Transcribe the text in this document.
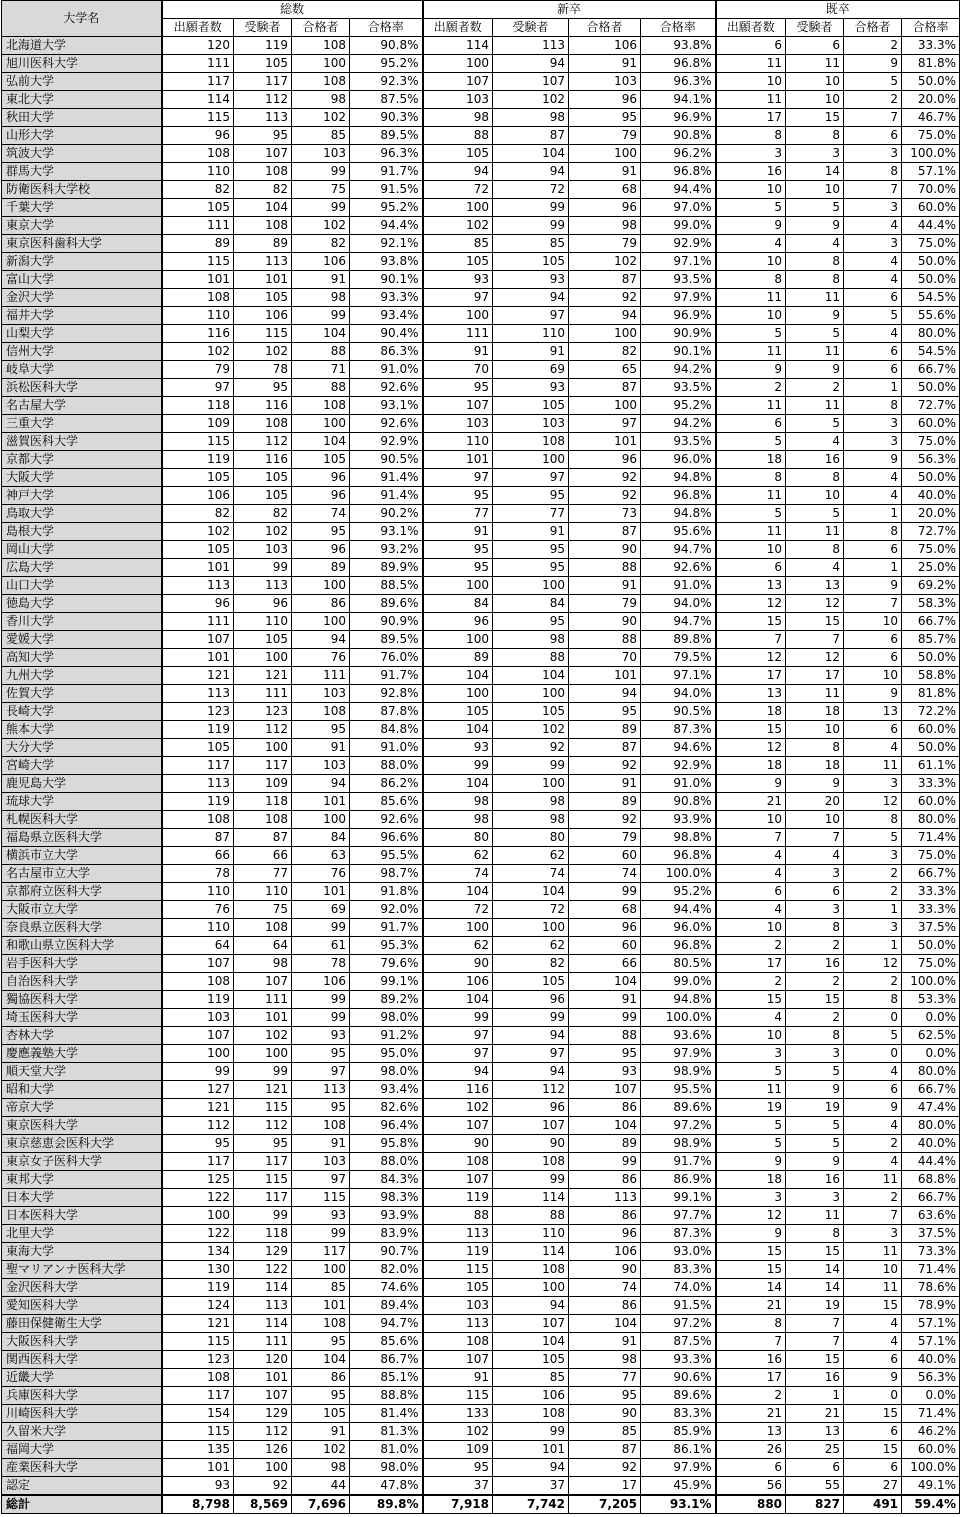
大学名	総数				新卒				既卒			
	出願者数	受験者	合格者	合格率	出願者数	受験者	合格者	合格率	出願者数	受験者	合格者	合格率
北海道大学	120	119	108	90.8%	114	113	106	93.8%	6	6	2	33.3%
旭川医科大学	111	105	100	95.2%	100	94	91	96.8%	11	11	9	81.8%
弘前大学	117	117	108	92.3%	107	107	103	96.3%	10	10	5	50.0%
東北大学	114	112	98	87.5%	103	102	96	94.1%	11	10	2	20.0%
秋田大学	115	113	102	90.3%	98	98	95	96.9%	17	15	7	46.7%
山形大学	96	95	85	89.5%	88	87	79	90.8%	8	8	6	75.0%
筑波大学	108	107	103	96.3%	105	104	100	96.2%	3	3	3	100.0%
群馬大学	110	108	99	91.7%	94	94	91	96.8%	16	14	8	57.1%
防衛医科大学校	82	82	75	91.5%	72	72	68	94.4%	10	10	7	70.0%
千葉大学	105	104	99	95.2%	100	99	96	97.0%	5	5	3	60.0%
東京大学	111	108	102	94.4%	102	99	98	99.0%	9	9	4	44.4%
東京医科歯科大学	89	89	82	92.1%	85	85	79	92.9%	4	4	3	75.0%
新潟大学	115	113	106	93.8%	105	105	102	97.1%	10	8	4	50.0%
富山大学	101	101	91	90.1%	93	93	87	93.5%	8	8	4	50.0%
金沢大学	108	105	98	93.3%	97	94	92	97.9%	11	11	6	54.5%
福井大学	110	106	99	93.4%	100	97	94	96.9%	10	9	5	55.6%
山梨大学	116	115	104	90.4%	111	110	100	90.9%	5	5	4	80.0%
信州大学	102	102	88	86.3%	91	91	82	90.1%	11	11	6	54.5%
岐阜大学	79	78	71	91.0%	70	69	65	94.2%	9	9	6	66.7%
浜松医科大学	97	95	88	92.6%	95	93	87	93.5%	2	2	1	50.0%
名古屋大学	118	116	108	93.1%	107	105	100	95.2%	11	11	8	72.7%
三重大学	109	108	100	92.6%	103	103	97	94.2%	6	5	3	60.0%
滋賀医科大学	115	112	104	92.9%	110	108	101	93.5%	5	4	3	75.0%
京都大学	119	116	105	90.5%	101	100	96	96.0%	18	16	9	56.3%
大阪大学	105	105	96	91.4%	97	97	92	94.8%	8	8	4	50.0%
神戸大学	106	105	96	91.4%	95	95	92	96.8%	11	10	4	40.0%
鳥取大学	82	82	74	90.2%	77	77	73	94.8%	5	5	1	20.0%
島根大学	102	102	95	93.1%	91	91	87	95.6%	11	11	8	72.7%
岡山大学	105	103	96	93.2%	95	95	90	94.7%	10	8	6	75.0%
広島大学	101	99	89	89.9%	95	95	88	92.6%	6	4	1	25.0%
山口大学	113	113	100	88.5%	100	100	91	91.0%	13	13	9	69.2%
徳島大学	96	96	86	89.6%	84	84	79	94.0%	12	12	7	58.3%
香川大学	111	110	100	90.9%	96	95	90	94.7%	15	15	10	66.7%
愛媛大学	107	105	94	89.5%	100	98	88	89.8%	7	7	6	85.7%
高知大学	101	100	76	76.0%	89	88	70	79.5%	12	12	6	50.0%
九州大学	121	121	111	91.7%	104	104	101	97.1%	17	17	10	58.8%
佐賀大学	113	111	103	92.8%	100	100	94	94.0%	13	11	9	81.8%
長崎大学	123	123	108	87.8%	105	105	95	90.5%	18	18	13	72.2%
熊本大学	119	112	95	84.8%	104	102	89	87.3%	15	10	6	60.0%
大分大学	105	100	91	91.0%	93	92	87	94.6%	12	8	4	50.0%
宮崎大学	117	117	103	88.0%	99	99	92	92.9%	18	18	11	61.1%
鹿児島大学	113	109	94	86.2%	104	100	91	91.0%	9	9	3	33.3%
琉球大学	119	118	101	85.6%	98	98	89	90.8%	21	20	12	60.0%
札幌医科大学	108	108	100	92.6%	98	98	92	93.9%	10	10	8	80.0%
福島県立医科大学	87	87	84	96.6%	80	80	79	98.8%	7	7	5	71.4%
横浜市立大学	66	66	63	95.5%	62	62	60	96.8%	4	4	3	75.0%
名古屋市立大学	78	77	76	98.7%	74	74	74	100.0%	4	3	2	66.7%
京都府立医科大学	110	110	101	91.8%	104	104	99	95.2%	6	6	2	33.3%
大阪市立大学	76	75	69	92.0%	72	72	68	94.4%	4	3	1	33.3%
奈良県立医科大学	110	108	99	91.7%	100	100	96	96.0%	10	8	3	37.5%
和歌山県立医科大学	64	64	61	95.3%	62	62	60	96.8%	2	2	1	50.0%
岩手医科大学	107	98	78	79.6%	90	82	66	80.5%	17	16	12	75.0%
自治医科大学	108	107	106	99.1%	106	105	104	99.0%	2	2	2	100.0%
獨協医科大学	119	111	99	89.2%	104	96	91	94.8%	15	15	8	53.3%
埼玉医科大学	103	101	99	98.0%	99	99	99	100.0%	4	2	0	0.0%
杏林大学	107	102	93	91.2%	97	94	88	93.6%	10	8	5	62.5%
慶應義塾大学	100	100	95	95.0%	97	97	95	97.9%	3	3	0	0.0%
順天堂大学	99	99	97	98.0%	94	94	93	98.9%	5	5	4	80.0%
昭和大学	127	121	113	93.4%	116	112	107	95.5%	11	9	6	66.7%
帝京大学	121	115	95	82.6%	102	96	86	89.6%	19	19	9	47.4%
東京医科大学	112	112	108	96.4%	107	107	104	97.2%	5	5	4	80.0%
東京慈恵会医科大学	95	95	91	95.8%	90	90	89	98.9%	5	5	2	40.0%
東京女子医科大学	117	117	103	88.0%	108	108	99	91.7%	9	9	4	44.4%
東邦大学	125	115	97	84.3%	107	99	86	86.9%	18	16	11	68.8%
日本大学	122	117	115	98.3%	119	114	113	99.1%	3	3	2	66.7%
日本医科大学	100	99	93	93.9%	88	88	86	97.7%	12	11	7	63.6%
北里大学	122	118	99	83.9%	113	110	96	87.3%	9	8	3	37.5%
東海大学	134	129	117	90.7%	119	114	106	93.0%	15	15	11	73.3%
聖マリアンナ医科大学	130	122	100	82.0%	115	108	90	83.3%	15	14	10	71.4%
金沢医科大学	119	114	85	74.6%	105	100	74	74.0%	14	14	11	78.6%
愛知医科大学	124	113	101	89.4%	103	94	86	91.5%	21	19	15	78.9%
藤田保健衛生大学	121	114	108	94.7%	113	107	104	97.2%	8	7	4	57.1%
大阪医科大学	115	111	95	85.6%	108	104	91	87.5%	7	7	4	57.1%
関西医科大学	123	120	104	86.7%	107	105	98	93.3%	16	15	6	40.0%
近畿大学	108	101	86	85.1%	91	85	77	90.6%	17	16	9	56.3%
兵庫医科大学	117	107	95	88.8%	115	106	95	89.6%	2	1	0	0.0%
川崎医科大学	154	129	105	81.4%	133	108	90	83.3%	21	21	15	71.4%
久留米大学	115	112	91	81.3%	102	99	85	85.9%	13	13	6	46.2%
福岡大学	135	126	102	81.0%	109	101	87	86.1%	26	25	15	60.0%
産業医科大学	101	100	98	98.0%	95	94	92	97.9%	6	6	6	100.0%
認定	93	92	44	47.8%	37	37	17	45.9%	56	55	27	49.1%
総計	8,798	8,569	7,696	89.8%	7,918	7,742	7,205	93.1%	880	827	491	59.4%
